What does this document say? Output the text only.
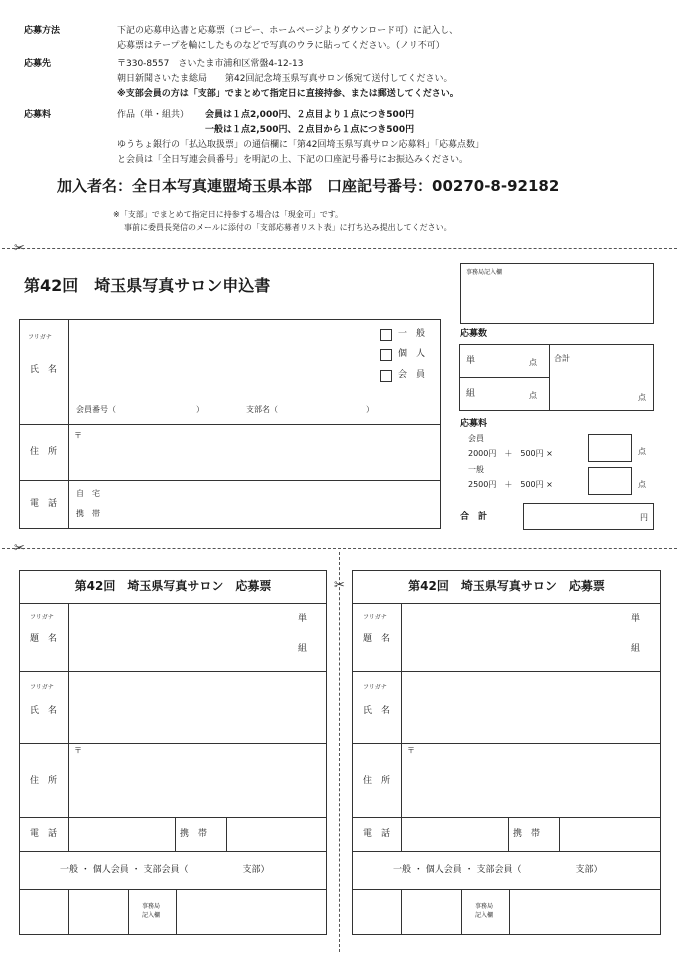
応募方法	下記の応募申込書と応募票（コピー、ホームページよりダウンロード可）に記入し、
応募票はテープを輪にしたものなどで写真のウラに貼ってください。（ノリ不可）
応募先	〒330-8557　さいたま市浦和区常盤4-12-13
朝日新聞さいたま総局　　第42回記念埼玉県写真サロン係宛て送付してください。
※支部会員の方は「支部」でまとめて指定日に直接持参、または郵送してください。
応募料	作品（単・組共） 会員は１点2,000円、２点目より１点につき500円
一般は１点2,500円、２点目から１点につき500円
ゆうちょ銀行の「払込取扱票」の通信欄に「第42回埼玉県写真サロン応募料」「応募点数」
と会員は「全日写連会員番号」を明記の上、下記の口座記号番号にお振込みください。
加入者名：全日本写真連盟埼玉県本部　口座記号番号：00270-8-92182
※「支部」でまとめて指定日に持参する場合は「現金可」です。
事前に委員長発信のメールに添付の「支部応募者リスト表」に打ち込み提出してください。
✂
第42回　埼玉県写真サロン申込書
事務局記入欄
フリガナ
氏　名
一　般
個　人
会　員
会員番号（　　　　　　　　　　）	支部名（　　　　　　　　　　　）
〒
住　所
電　話
自　宅
携　帯
応募数
単	点
組	点
合計
点
応募料
会員
2000円　＋　500円 ×	点
一般
2500円　＋　500円 ×	点
合　計	円
✂
✂
第42回　埼玉県写真サロン　応募票
フリガナ
題　名
単
組
フリガナ
氏　名
〒
住　所
電　話	携　帯
一般 ・ 個人会員 ・ 支部会員（　　　　　　支部）
事務局
記入欄
第42回　埼玉県写真サロン　応募票
フリガナ
題　名
単
組
フリガナ
氏　名
〒
住　所
電　話	携　帯
一般 ・ 個人会員 ・ 支部会員（　　　　　　支部）
事務局
記入欄
